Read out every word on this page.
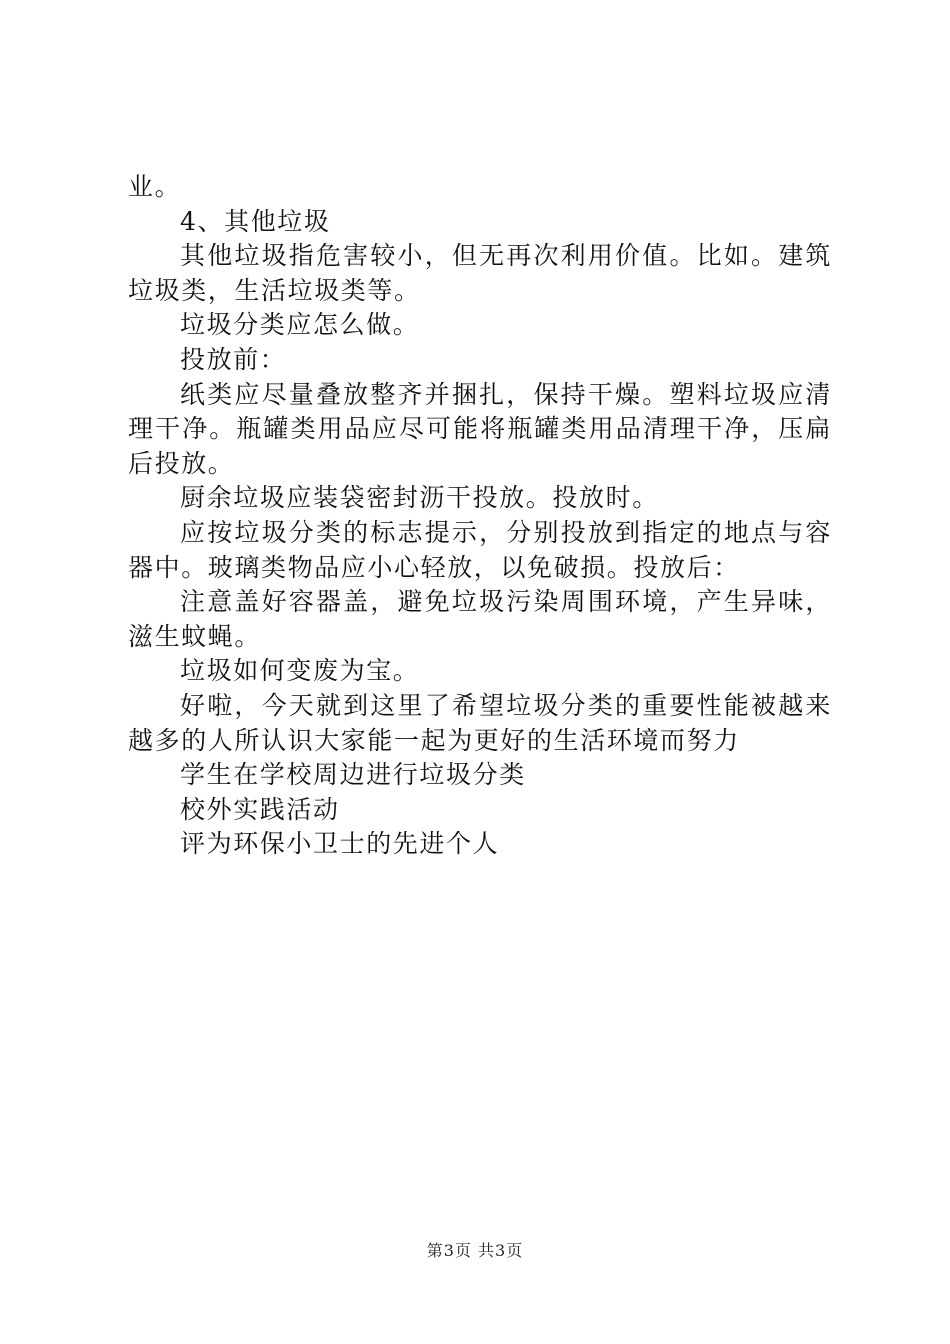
业。

4、其他垃圾

其他垃圾指危害较小，但无再次利用价值。比如。建筑垃圾类，生活垃圾类等。

垃圾分类应怎么做。

投放前：

纸类应尽量叠放整齐并捆扎，保持干燥。塑料垃圾应清理干净。瓶罐类用品应尽可能将瓶罐类用品清理干净，压扁后投放。

厨余垃圾应装袋密封沥干投放。投放时。

应按垃圾分类的标志提示，分别投放到指定的地点与容器中。玻璃类物品应小心轻放，以免破损。投放后：

注意盖好容器盖，避免垃圾污染周围环境，产生异味，滋生蚊蝇。

垃圾如何变废为宝。

好啦，今天就到这里了希望垃圾分类的重要性能被越来越多的人所认识大家能一起为更好的生活环境而努力

学生在学校周边进行垃圾分类

校外实践活动

评为环保小卫士的先进个人

第3页 共3页
